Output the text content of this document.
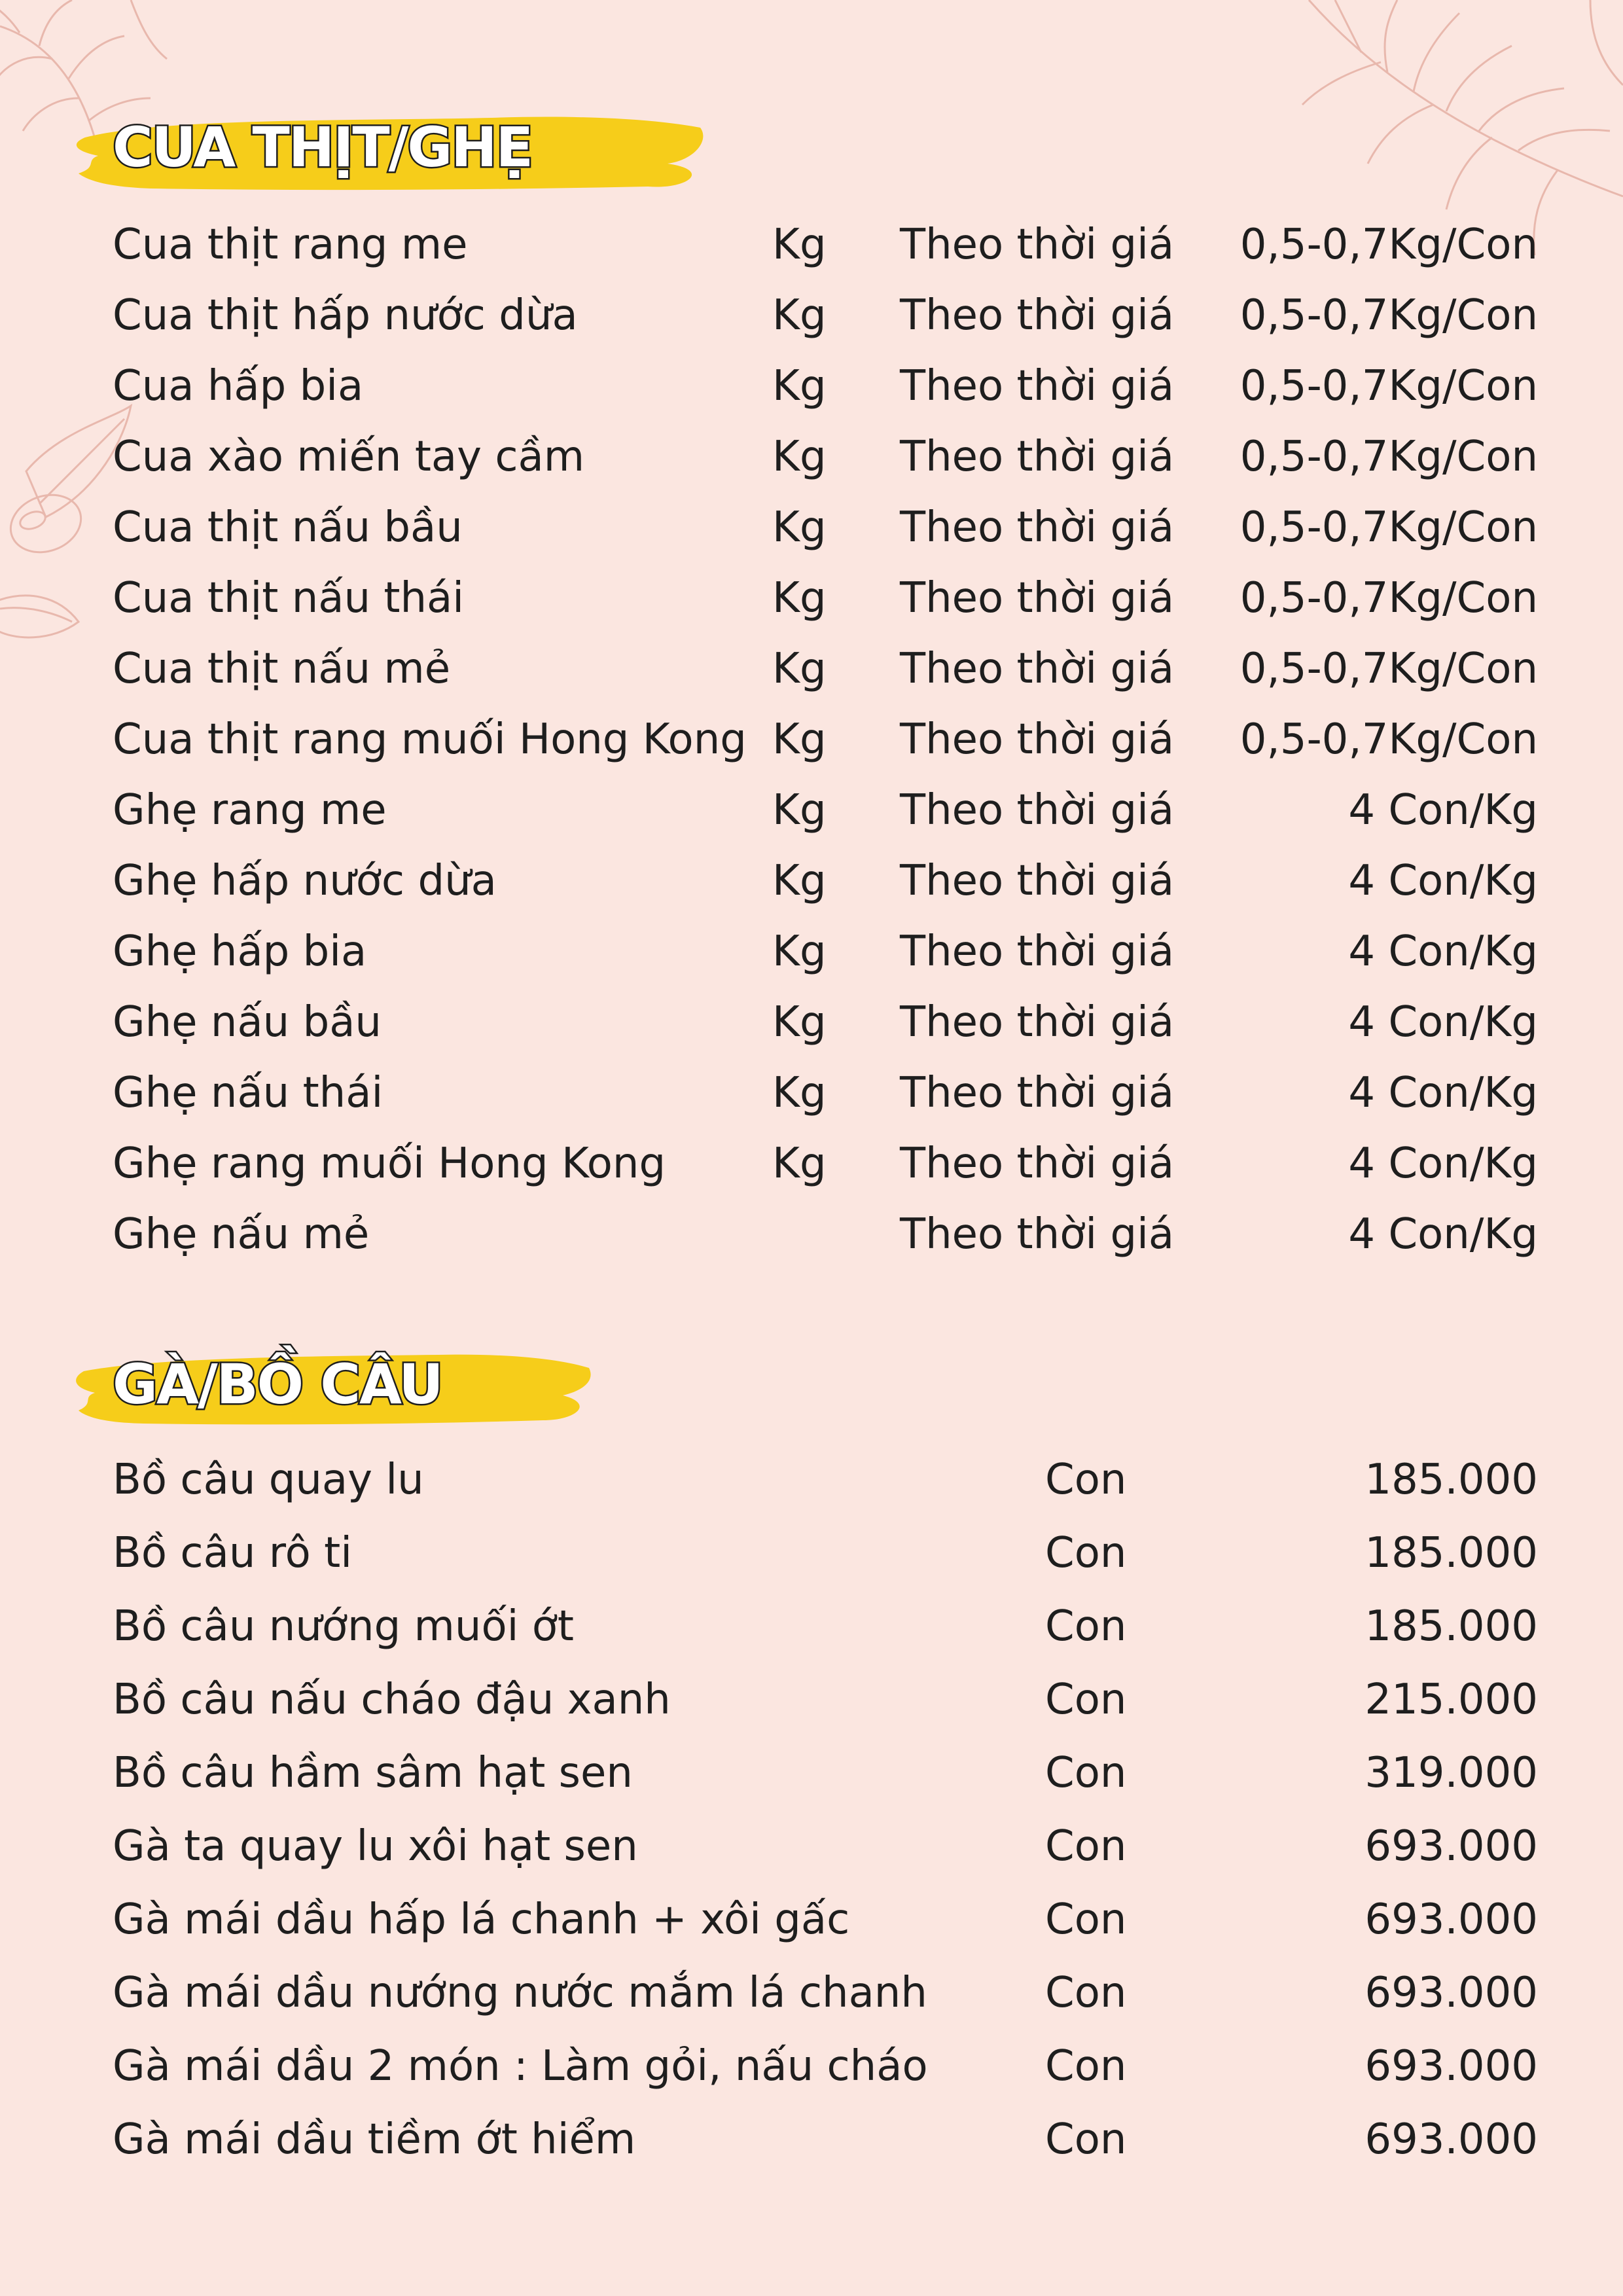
CUA THỊT/GHẸ
Cua thịt rang me	Kg Theo thời giá 0,5-0,7Kg/Con
Cua thịt hấp nước dừa	Kg Theo thời giá 0,5-0,7Kg/Con
Cua hấp bia	Kg Theo thời giá 0,5-0,7Kg/Con
Cua xào miến tay cầm	Kg Theo thời giá 0,5-0,7Kg/Con
Cua thịt nấu bầu	Kg Theo thời giá 0,5-0,7Kg/Con
Cua thịt nấu thái	Kg Theo thời giá 0,5-0,7Kg/Con
Cua thịt nấu mẻ	Kg Theo thời giá 0,5-0,7Kg/Con
Cua thịt rang muối Hong Kong Kg Theo thời giá 0,5-0,7Kg/Con
Ghẹ rang me	Kg Theo thời giá	4 Con/Kg
Ghẹ hấp nước dừa	Kg Theo thời giá	4 Con/Kg
Ghẹ hấp bia	Kg Theo thời giá	4 Con/Kg
Ghẹ nấu bầu	Kg Theo thời giá	4 Con/Kg
Ghẹ nấu thái	Kg Theo thời giá	4 Con/Kg
Ghẹ rang muối Hong Kong	Kg Theo thời giá	4 Con/Kg
Ghẹ nấu mẻ	Theo thời giá	4 Con/Kg
GÀ/BỒ CÂU
Bồ câu quay lu	Con	185.000
Bồ câu rô ti	Con	185.000
Bồ câu nướng muối ớt	Con	185.000
Bồ câu nấu cháo đậu xanh	Con	215.000
Bồ câu hầm sâm hạt sen	Con	319.000
Gà ta quay lu xôi hạt sen	Con	693.000
Gà mái dầu hấp lá chanh + xôi gấc	Con	693.000
Gà mái dầu nướng nước mắm lá chanh	Con	693.000
Gà mái dầu 2 món : Làm gỏi, nấu cháo	Con	693.000
Gà mái dầu tiềm ớt hiểm	Con	693.000
